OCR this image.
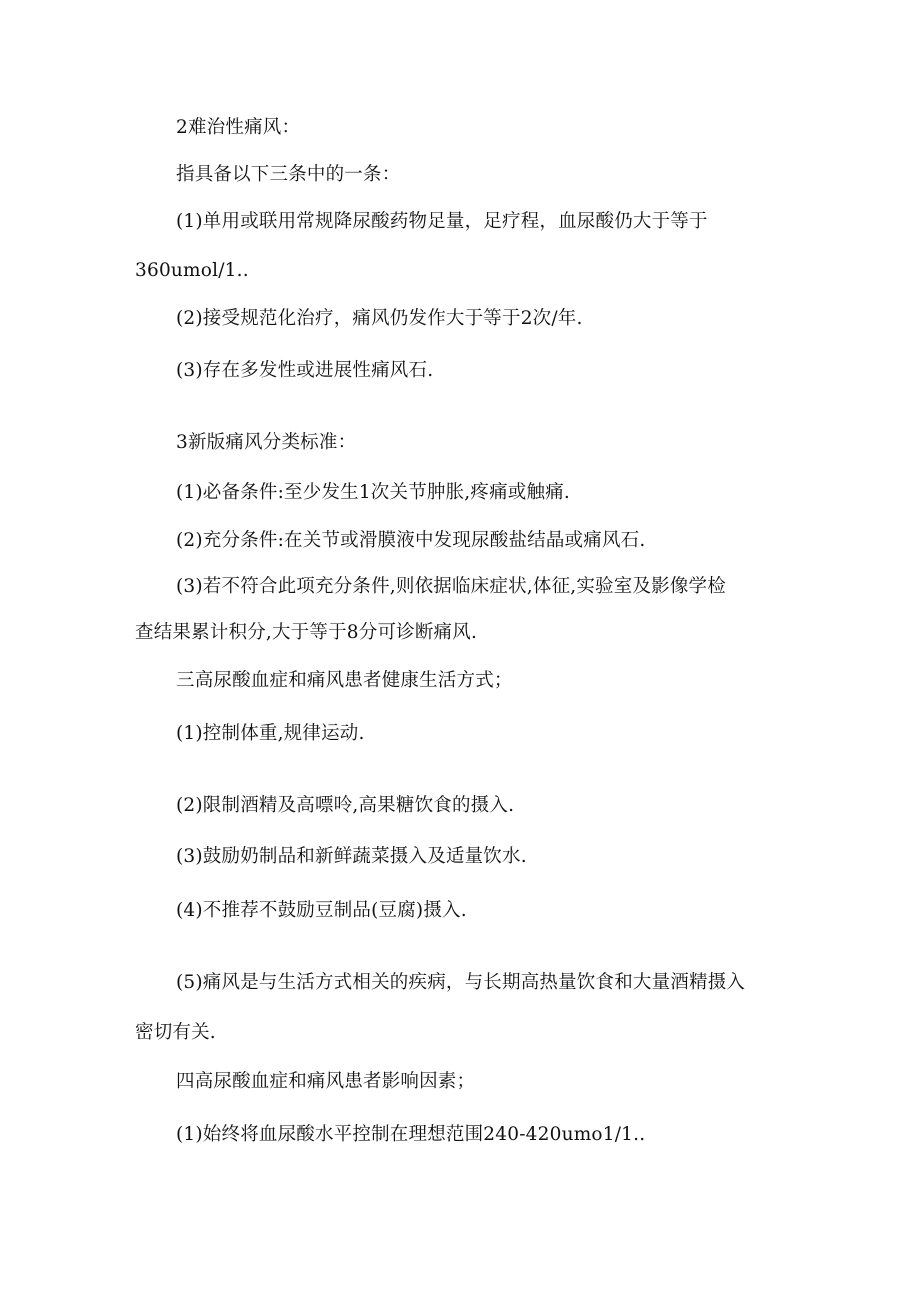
2难治性痛风：
指具备以下三条中的一条：
(1)单用或联用常规降尿酸药物足量，足疗程，血尿酸仍大于等于
360umol/1..
(2)接受规范化治疗，痛风仍发作大于等于2次/年.
(3)存在多发性或进展性痛风石.
3新版痛风分类标准：
(1)必备条件:至少发生1次关节肿胀,疼痛或触痛.
(2)充分条件:在关节或滑膜液中发现尿酸盐结晶或痛风石.
(3)若不符合此项充分条件,则依据临床症状,体征,实验室及影像学检
查结果累计积分,大于等于8分可诊断痛风.
三高尿酸血症和痛风患者健康生活方式；
(1)控制体重,规律运动.
(2)限制酒精及高嘌呤,高果糖饮食的摄入.
(3)鼓励奶制品和新鲜蔬菜摄入及适量饮水.
(4)不推荐不鼓励豆制品(豆腐)摄入.
(5)痛风是与生活方式相关的疾病，与长期高热量饮食和大量酒精摄入
密切有关.
四高尿酸血症和痛风患者影响因素；
(1)始终将血尿酸水平控制在理想范围240-420umo1/1..
